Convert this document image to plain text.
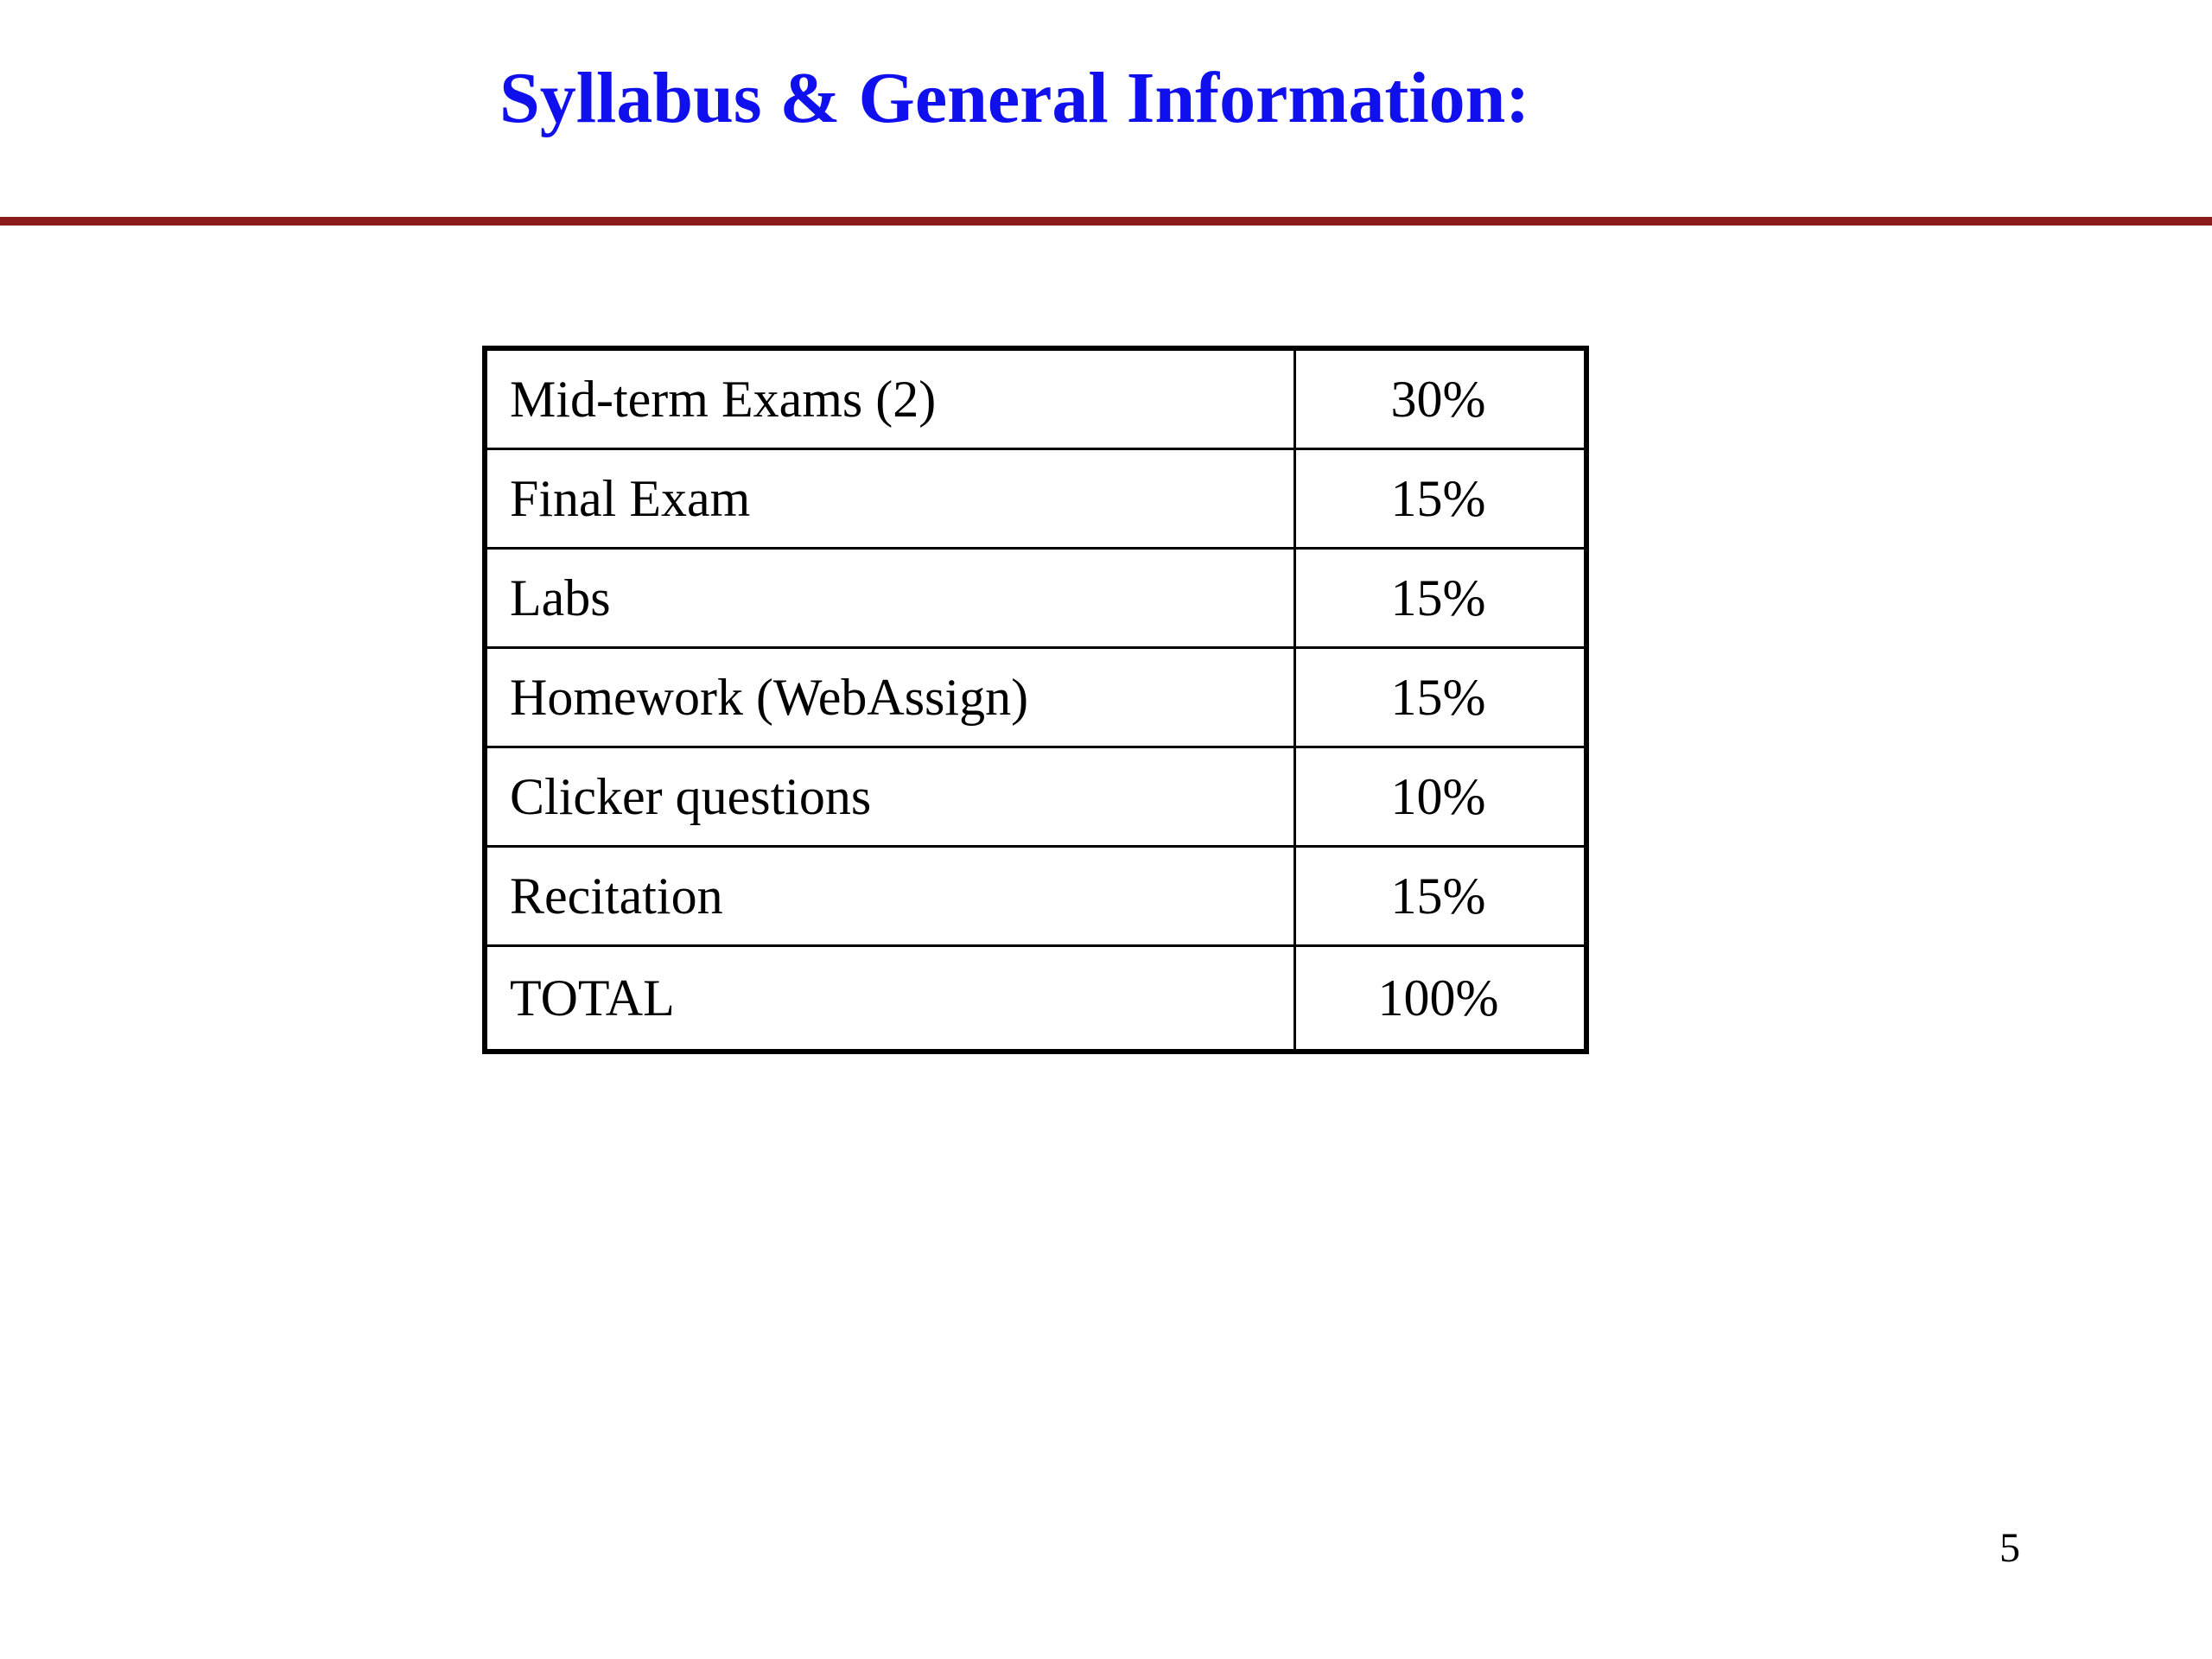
Syllabus & General Information:
Mid-term Exams (2)	30%
Final Exam	15%
Labs	15%
Homework (WebAssign)	15%
Clicker questions	10%
Recitation	15%
TOTAL	100%
5
